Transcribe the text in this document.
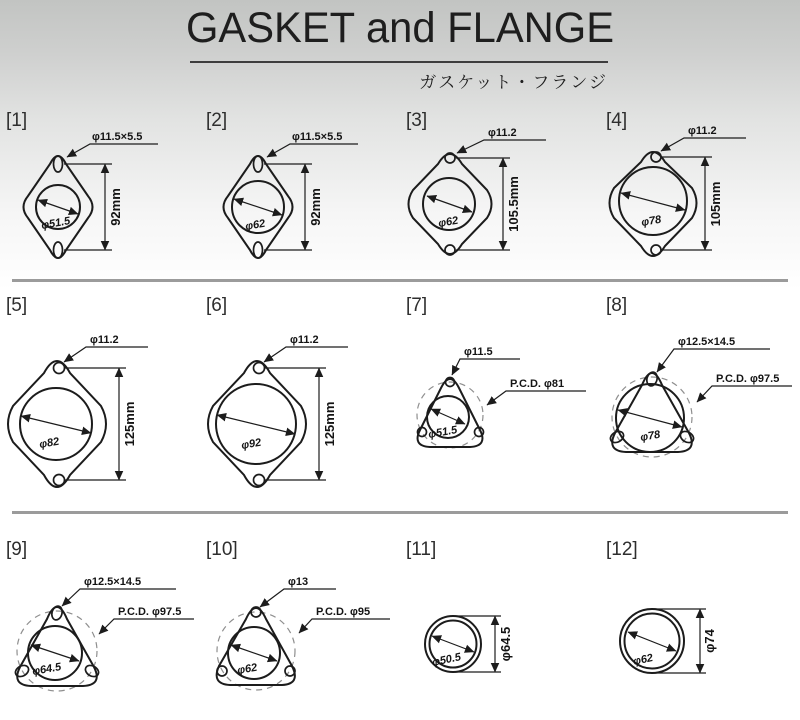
GASKET and FLANGE
ガスケット・フランジ
[1]
φ11.5×5.5
φ51.5	92mm
[2]
φ11.5×5.5
φ62	92mm
[3]
φ11.2
φ62	105.5mm
[4]	φ11.2
φ78	105mm
[5]
φ11.2
φ82	125mm
[6]
φ11.2
φ92	125mm
[7]
φ11.5
P.C.D. φ81
φ51.5
[8]
φ12.5×14.5
P.C.D. φ97.5
φ78
[9]
φ12.5×14.5
P.C.D. φ97.5
φ64.5
[10]
φ13
P.C.D. φ95
φ62
[11]
φ50.5	φ64.5
[12]
φ62
φ74
